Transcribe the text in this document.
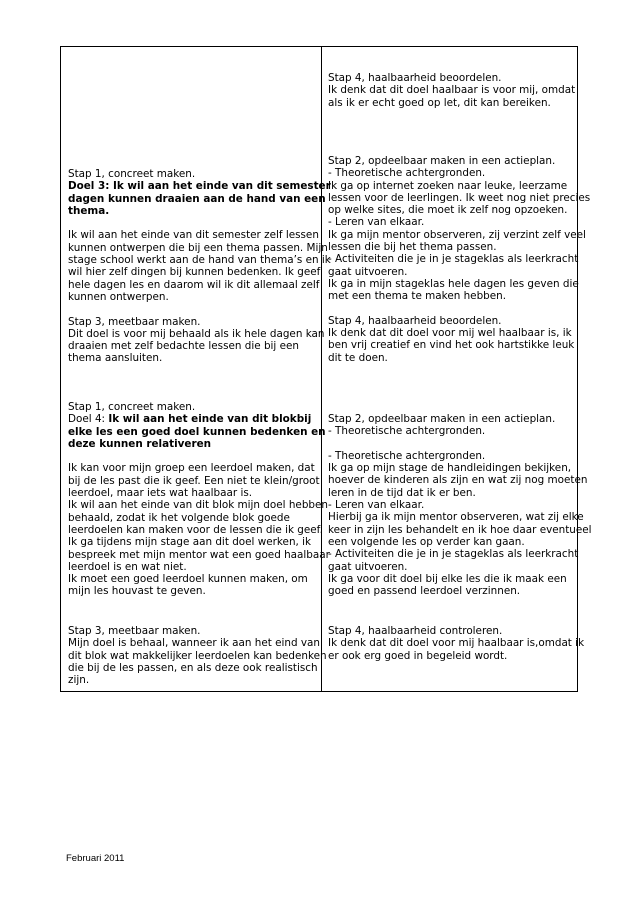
Stap 4, haalbaarheid beoordelen.

Ik denk dat dit doel haalbaar is voor mij, omdat

als ik er echt goed op let, dit kan bereiken.

Stap 1, concreet maken.

Doel 3: Ik wil aan het einde van dit semester

dagen kunnen draaien aan de hand van een

thema.

Ik wil aan het einde van dit semester zelf lessen

kunnen ontwerpen die bij een thema passen. Mijn

stage school werkt aan de hand van thema’s en ik

wil hier zelf dingen bij kunnen bedenken. Ik geef

hele dagen les en daarom wil ik dit allemaal zelf

kunnen ontwerpen.

Stap 3, meetbaar maken.

Dit doel is voor mij behaald als ik hele dagen kan

draaien met zelf bedachte lessen die bij een

thema aansluiten.

Stap 2, opdeelbaar maken in een actieplan.

- Theoretische achtergronden.

Ik ga op internet zoeken naar leuke, leerzame

lessen voor de leerlingen. Ik weet nog niet precies

op welke sites, die moet ik zelf nog opzoeken.

- Leren van elkaar.

Ik ga mijn mentor observeren, zij verzint zelf veel

lessen die bij het thema passen.

- Activiteiten die je in je stageklas als leerkracht

gaat uitvoeren.

Ik ga in mijn stageklas hele dagen les geven die

met een thema te maken hebben.

Stap 4, haalbaarheid beoordelen.

Ik denk dat dit doel voor mij wel haalbaar is, ik

ben vrij creatief en vind het ook hartstikke leuk

dit te doen.

Stap 1, concreet maken.

Doel 4: Ik wil aan het einde van dit blokbij

elke les een goed doel kunnen bedenken en

deze kunnen relativeren

Ik kan voor mijn groep een leerdoel maken, dat

bij de les past die ik geef. Een niet te klein/groot

leerdoel, maar iets wat haalbaar is.

Ik wil aan het einde van dit blok mijn doel hebben

behaald, zodat ik het volgende blok goede

leerdoelen kan maken voor de lessen die ik geef.

Ik ga tijdens mijn stage aan dit doel werken, ik

bespreek met mijn mentor wat een goed haalbaar

leerdoel is en wat niet.

Ik moet een goed leerdoel kunnen maken, om

mijn les houvast te geven.

Stap 2, opdeelbaar maken in een actieplan.

- Theoretische achtergronden.

- Theoretische achtergronden.

Ik ga op mijn stage de handleidingen bekijken,

hoever de kinderen als zijn en wat zij nog moeten

leren in de tijd dat ik er ben.

- Leren van elkaar.

Hierbij ga ik mijn mentor observeren, wat zij elke

keer in zijn les behandelt en ik hoe daar eventueel

een volgende les op verder kan gaan.

- Activiteiten die je in je stageklas als leerkracht

gaat uitvoeren.

Ik ga voor dit doel bij elke les die ik maak een

goed en passend leerdoel verzinnen.

Stap 3, meetbaar maken.

Mijn doel is behaal, wanneer ik aan het eind van

dit blok wat makkelijker leerdoelen kan bedenken

die bij de les passen, en als deze ook realistisch

zijn.

Stap 4, haalbaarheid controleren.

Ik denk dat dit doel voor mij haalbaar is,omdat ik

er ook erg goed in begeleid wordt.

Februari 2011
